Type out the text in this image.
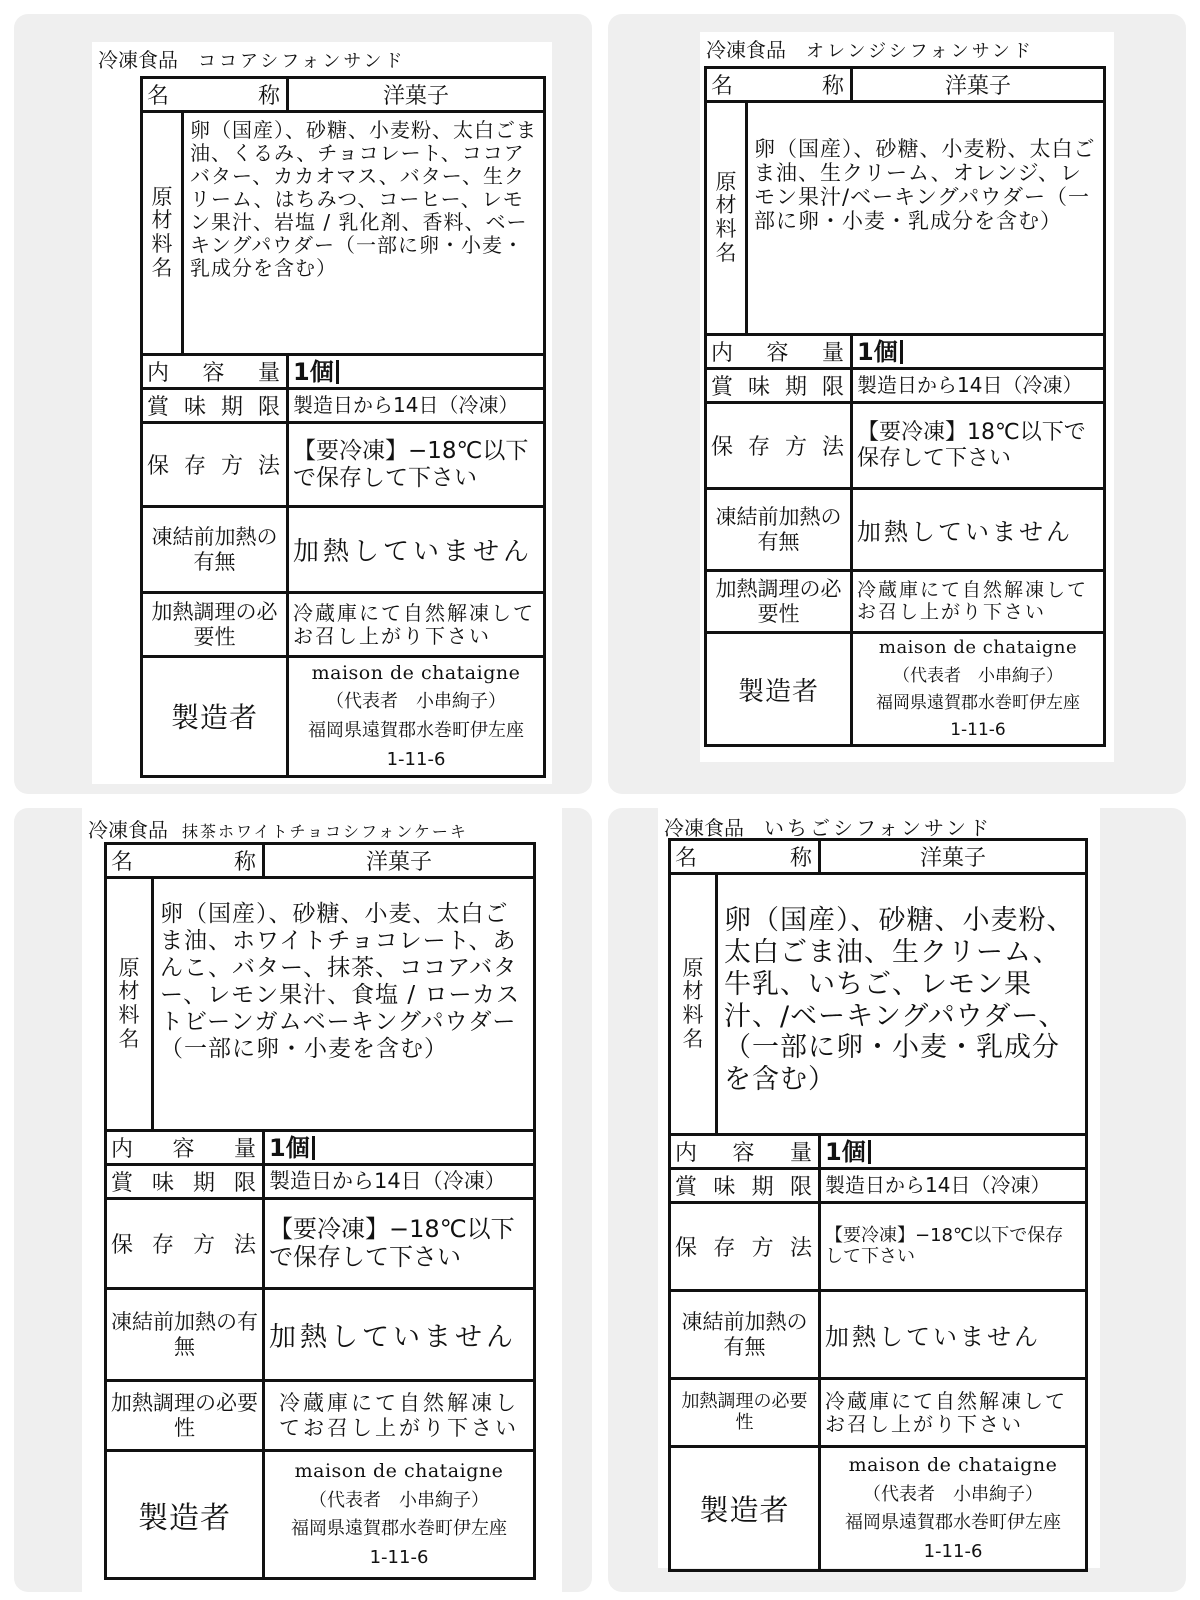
冷凍食品 ココアシフォンサンド
名　　　称	洋菓子

原材料名
卵（国産）、砂糖、小麦粉、太白ごま油、くるみ、チョコレート、ココアバター、カカオマス、バター、生クリーム、はちみつ、コーヒー、レモン果汁、岩塩 / 乳化剤、香料、ベーキングパウダー（一部に卵・小麦・乳成分を含む）	

内容量	1個

賞味期限	製造日から14日（冷凍）

保存方法	【要冷凍】−18℃以下で保存して下さい

凍結前加熱の有無	加熱していません

加熱調理の必要性	冷蔵庫にて自然解凍してお召し上がり下さい
製造者	maison de chataigne
（代表者　小串絢子）
福岡県遠賀郡水巻町伊左座
1-11-6
冷凍食品 オレンジシフォンサンド
名　　　称	洋菓子

原材料名
卵（国産）、砂糖、小麦粉、太白ごま油、生クリーム、オレンジ、レモン果汁/ベーキングパウダー（一部に卵・小麦・乳成分を含む）	

内容量	1個

賞味期限	製造日から14日（冷凍）

保存方法	【要冷凍】18℃以下で保存して下さい

凍結前加熱の有無	加熱していません

加熱調理の必要性	冷蔵庫にて自然解凍してお召し上がり下さい
製造者	maison de chataigne
（代表者　小串絢子）
福岡県遠賀郡水巻町伊左座
1-11-6
冷凍食品 抹茶ホワイトチョコシフォンケーキ
名　　　称	洋菓子

原材料名
卵（国産）、砂糖、小麦、太白ごま油、ホワイトチョコレート、あんこ、バター、抹茶、ココアバター、レモン果汁、食塩 / ローカストビーンガムベーキングパウダー（一部に卵・小麦を含む）	

内容量	1個

賞味期限	製造日から14日（冷凍）

保存方法	【要冷凍】−18℃以下で保存して下さい

凍結前加熱の有無	加熱していません

加熱調理の必要性	冷蔵庫にて自然解凍してお召し上がり下さい
製造者	maison de chataigne
（代表者　小串絢子）
福岡県遠賀郡水巻町伊左座
1-11-6
冷凍食品 いちごシフォンサンド
名　　　称	洋菓子

原材料名
卵（国産）、砂糖、小麦粉、太白ごま油、生クリーム、牛乳、いちご、レモン果汁、/ベーキングパウダー、（一部に卵・小麦・乳成分を含む）	

内容量	1個

賞味期限	製造日から14日（冷凍）

保存方法	【要冷凍】−18℃以下で保存して下さい

凍結前加熱の有無	加熱していません

加熱調理の必要性	冷蔵庫にて自然解凍してお召し上がり下さい
製造者	maison de chataigne
（代表者　小串絢子）
福岡県遠賀郡水巻町伊左座
1-11-6
